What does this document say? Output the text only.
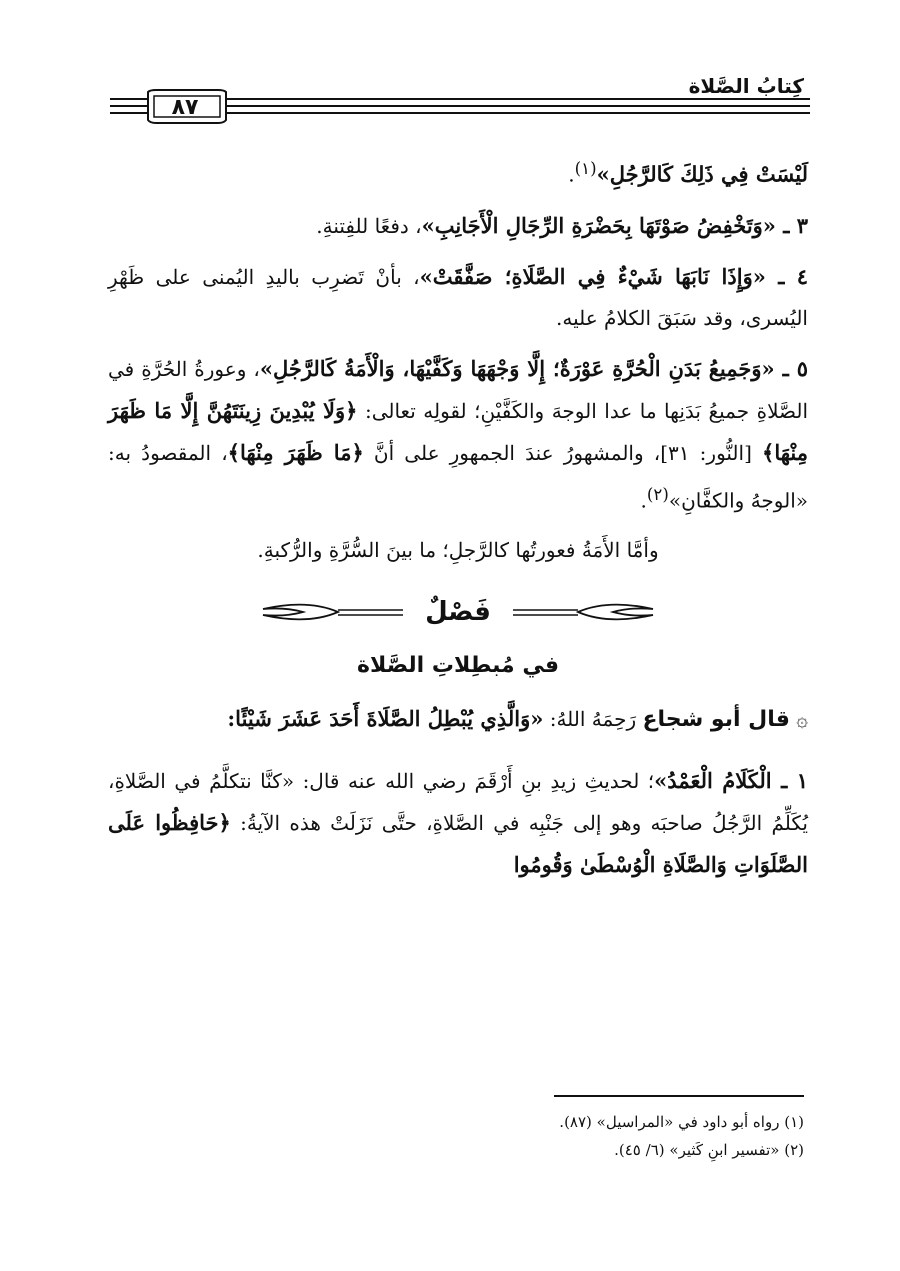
كِتابُ الصَّلاة
٨٧

لَيْسَتْ فِي ذَلِكَ كَالرَّجُلِ»$^{(١)}$.

٣ ـ «وَتَخْفِضُ صَوْتَهَا بِحَضْرَةِ الرِّجَالِ الْأَجَانِبِ»، دفعًا للفِتنةِ.

٤ ـ «وَإِذَا نَابَهَا شَيْءٌ فِي الصَّلَاةِ؛ صَفَّقَتْ»، بأنْ تَضرِب باليدِ اليُمنى على ظَهْرِ اليُسرى، وقد سَبَقَ الكلامُ عليه.

٥ ـ «وَجَمِيعُ بَدَنِ الْحُرَّةِ عَوْرَةٌ؛ إِلَّا وَجْهَهَا وَكَفَّيْهَا، وَالْأَمَةُ كَالرَّجُلِ»، وعورةُ الحُرَّةِ في الصَّلاةِ جميعُ بَدَنِها ما عدا الوجهَ والكَفَّيْنِ؛ لقولِه تعالى: ﴿وَلَا يُبْدِينَ زِينَتَهُنَّ إِلَّا مَا ظَهَرَ مِنْهَا﴾ [النُّور: ٣١]، والمشهورُ عندَ الجمهورِ على أنَّ ﴿مَا ظَهَرَ مِنْهَا﴾، المقصودُ به: «الوجهُ والكفَّانِ»$^{(٢)}$.

وأمَّا الأَمَةُ فعورتُها كالرَّجلِ؛ ما بينَ السُّرَّةِ والرُّكبةِ.

فَصْلٌ
في مُبطِلاتِ الصَّلاة

۞ قال أبو شجاع رَحِمَهُ اللهُ: «وَالَّذِي يُبْطِلُ الصَّلَاةَ أَحَدَ عَشَرَ شَيْئًا:

١ ـ الْكَلَامُ الْعَمْدُ»؛ لحديثِ زيدِ بنِ أَرْقَمَ رضي الله عنه قال: «كنَّا نتكلَّمُ في الصَّلاةِ، يُكَلِّمُ الرَّجُلُ صاحبَه وهو إلى جَنْبِه في الصَّلاةِ، حتَّى نَزَلَتْ هذه الآيةُ: ﴿حَافِظُوا عَلَى الصَّلَوَاتِ وَالصَّلَاةِ الْوُسْطَىٰ وَقُومُوا

(١) رواه أبو داود في «المراسيل» (٨٧).
(٢) «تفسير ابنِ كَثير» (٦/ ٤٥).
